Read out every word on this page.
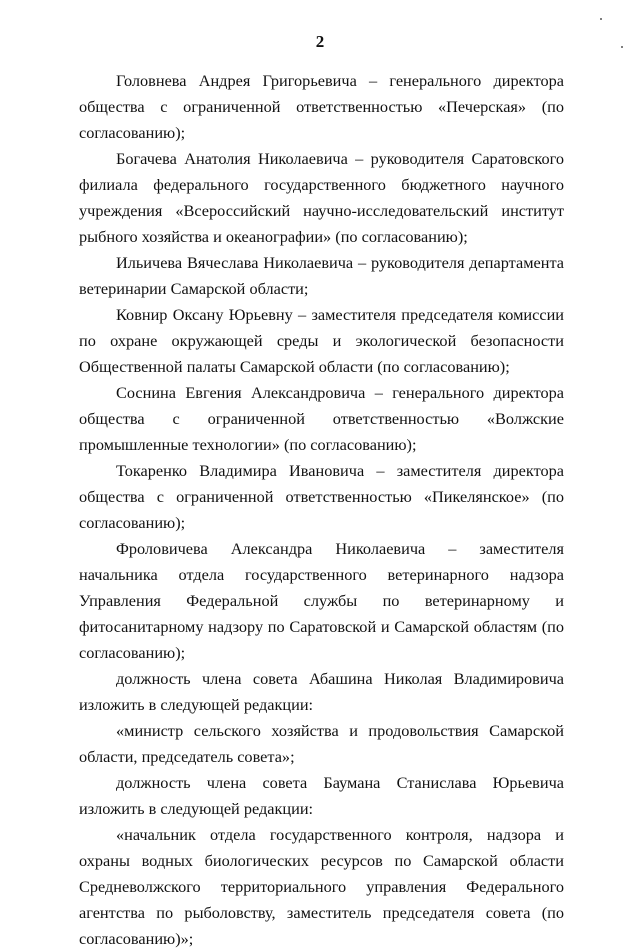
2

Головнева Андрея Григорьевича – генерального директора общества с ограниченной ответственностью «Печерская» (по согласованию);

Богачева Анатолия Николаевича – руководителя Саратовского филиала федерального государственного бюджетного научного учреждения «Всероссийский научно-исследовательский институт рыбного хозяйства и океанографии» (по согласованию);

Ильичева Вячеслава Николаевича – руководителя департамента ветеринарии Самарской области;

Ковнир Оксану Юрьевну – заместителя председателя комиссии по охране окружающей среды и экологической безопасности Общественной палаты Самарской области (по согласованию);

Соснина Евгения Александровича – генерального директора общества с ограниченной ответственностью «Волжские промышленные технологии» (по согласованию);

Токаренко Владимира Ивановича – заместителя директора общества с ограниченной ответственностью «Пикелянское» (по согласованию);

Фроловичева Александра Николаевича – заместителя начальника отдела государственного ветеринарного надзора Управления Федеральной службы по ветеринарному и фитосанитарному надзору по Саратовской и Самарской областям (по согласованию);

должность члена совета Абашина Николая Владимировича изложить в следующей редакции:

«министр сельского хозяйства и продовольствия Самарской области, председатель совета»;

должность члена совета Баумана Станислава Юрьевича изложить в следующей редакции:

«начальник отдела государственного контроля, надзора и охраны водных биологических ресурсов по Самарской области Средневолжского территориального управления Федерального агентства по рыболовству, заместитель председателя совета (по согласованию)»;
